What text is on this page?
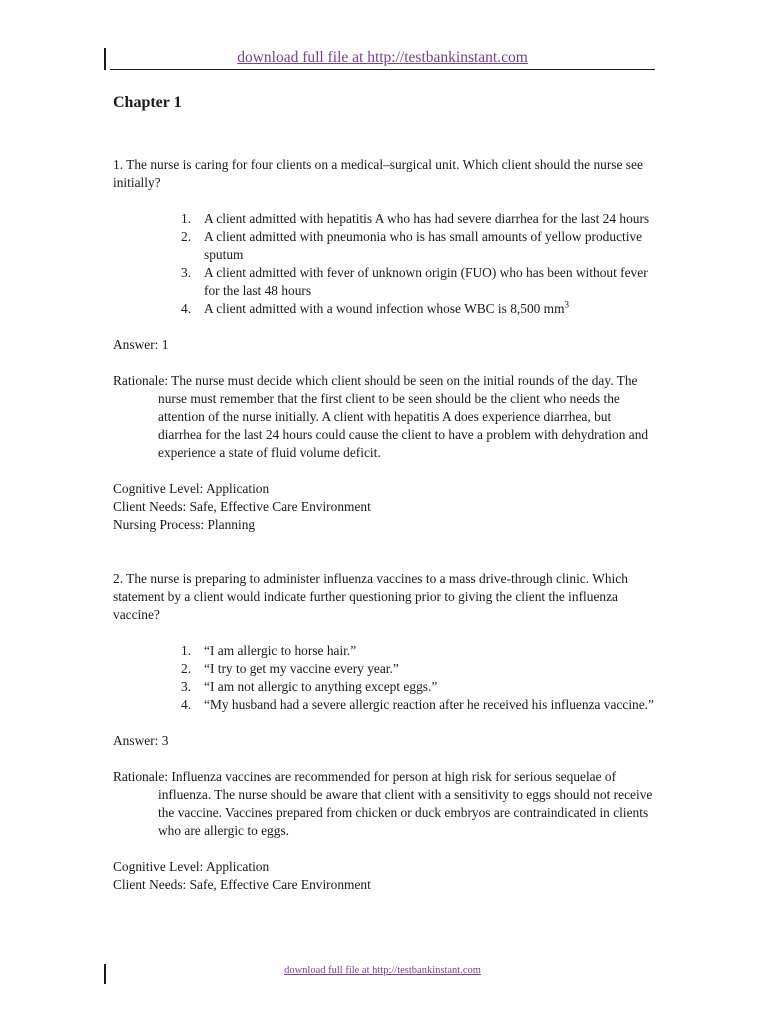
download full file at http://testbankinstant.com
Chapter 1

1. The nurse is caring for four clients on a medical–surgical unit. Which client should the nurse see initially?

1. A client admitted with hepatitis A who has had severe diarrhea for the last 24 hours
2. A client admitted with pneumonia who is has small amounts of yellow productive sputum
3. A client admitted with fever of unknown origin (FUO) who has been without fever for the last 48 hours
4. A client admitted with a wound infection whose WBC is 8,500 $mm^3$

Answer: 1

Rationale: The nurse must decide which client should be seen on the initial rounds of the day. The nurse must remember that the first client to be seen should be the client who needs the attention of the nurse initially. A client with hepatitis A does experience diarrhea, but diarrhea for the last 24 hours could cause the client to have a problem with dehydration and experience a state of fluid volume deficit.

Cognitive Level: Application

Client Needs: Safe, Effective Care Environment

Nursing Process: Planning

2. The nurse is preparing to administer influenza vaccines to a mass drive-through clinic. Which statement by a client would indicate further questioning prior to giving the client the influenza vaccine?

1. “I am allergic to horse hair.”
2. “I try to get my vaccine every year.”
3. “I am not allergic to anything except eggs.”
4. “My husband had a severe allergic reaction after he received his influenza vaccine.”

Answer: 3

Rationale: Influenza vaccines are recommended for person at high risk for serious sequelae of influenza. The nurse should be aware that client with a sensitivity to eggs should not receive the vaccine. Vaccines prepared from chicken or duck embryos are contraindicated in clients who are allergic to eggs.

Cognitive Level: Application

Client Needs: Safe, Effective Care Environment

download full file at http://testbankinstant.com
